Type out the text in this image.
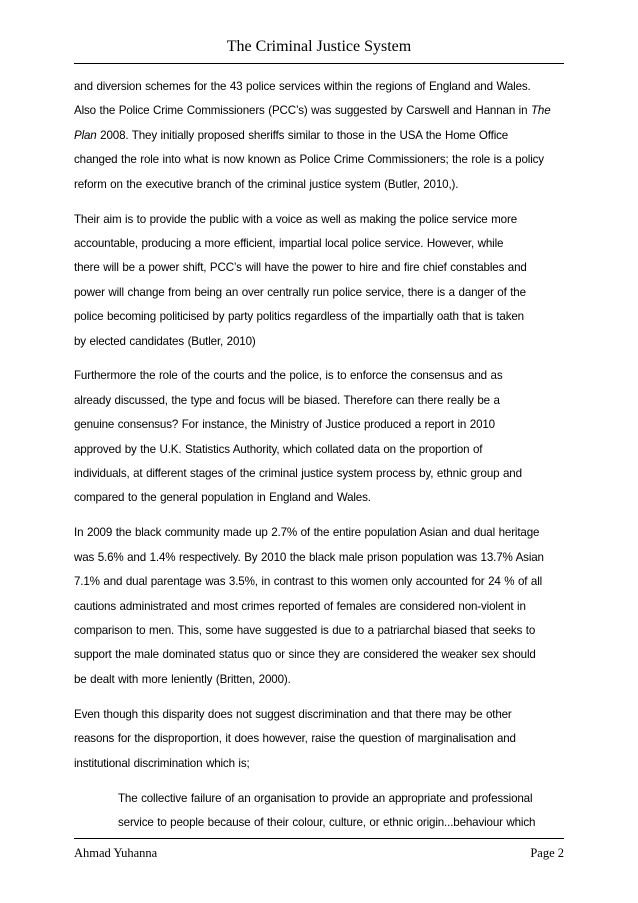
The Criminal Justice System
and diversion schemes for the 43 police services within the regions of England and Wales.
Also the Police Crime Commissioners (PCC’s) was suggested by Carswell and Hannan in The
Plan 2008. They initially proposed sheriffs similar to those in the USA the Home Office
changed the role into what is now known as Police Crime Commissioners; the role is a policy
reform on the executive branch of the criminal justice system (Butler, 2010,).
Their aim is to provide the public with a voice as well as making the police service more
accountable, producing a more efficient, impartial local police service. However, while
there will be a power shift, PCC’s will have the power to hire and fire chief constables and
power will change from being an over centrally run police service, there is a danger of the
police becoming politicised by party politics regardless of the impartially oath that is taken
by elected candidates (Butler, 2010)
Furthermore the role of the courts and the police, is to enforce the consensus and as
already discussed, the type and focus will be biased. Therefore can there really be a
genuine consensus? For instance, the Ministry of Justice produced a report in 2010
approved by the U.K. Statistics Authority, which collated data on the proportion of
individuals, at different stages of the criminal justice system process by, ethnic group and
compared to the general population in England and Wales.
In 2009 the black community made up 2.7% of the entire population Asian and dual heritage
was 5.6% and 1.4% respectively. By 2010 the black male prison population was 13.7% Asian
7.1% and dual parentage was 3.5%, in contrast to this women only accounted for 24 % of all
cautions administrated and most crimes reported of females are considered non-violent in
comparison to men. This, some have suggested is due to a patriarchal biased that seeks to
support the male dominated status quo or since they are considered the weaker sex should
be dealt with more leniently (Britten, 2000).
Even though this disparity does not suggest discrimination and that there may be other
reasons for the disproportion, it does however, raise the question of marginalisation and
institutional discrimination which is;
The collective failure of an organisation to provide an appropriate and professional
service to people because of their colour, culture, or ethnic origin...behaviour which
Ahmad Yuhanna	Page 2
